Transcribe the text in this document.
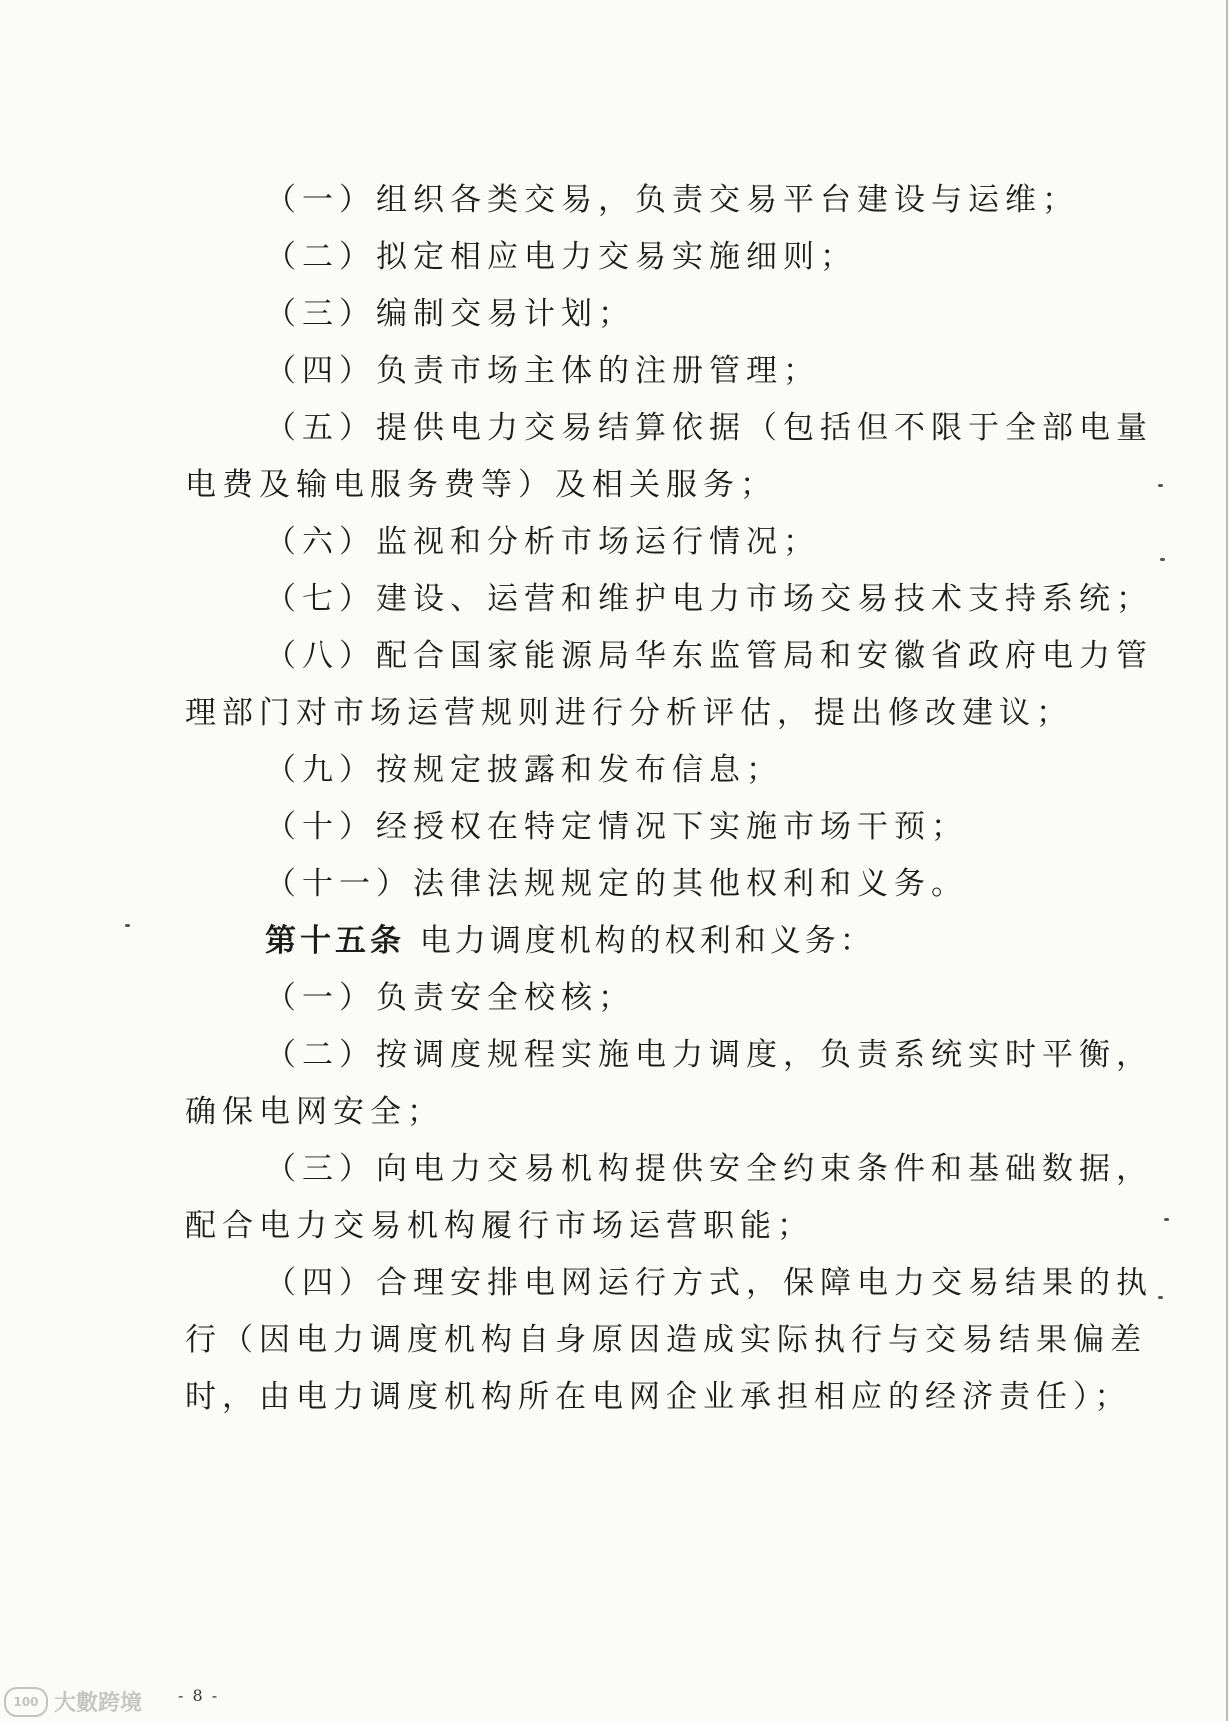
（一）组织各类交易，负责交易平台建设与运维；
（二）拟定相应电力交易实施细则；
（三）编制交易计划；
（四）负责市场主体的注册管理；
（五）提供电力交易结算依据（包括但不限于全部电量
电费及输电服务费等）及相关服务；
（六）监视和分析市场运行情况；
（七）建设、运营和维护电力市场交易技术支持系统；
（八）配合国家能源局华东监管局和安徽省政府电力管
理部门对市场运营规则进行分析评估，提出修改建议；
（九）按规定披露和发布信息；
（十）经授权在特定情况下实施市场干预；
（十一）法律法规规定的其他权利和义务。
第十五条 电力调度机构的权利和义务：
（一）负责安全校核；
（二）按调度规程实施电力调度，负责系统实时平衡，
确保电网安全；
（三）向电力交易机构提供安全约束条件和基础数据，
配合电力交易机构履行市场运营职能；
（四）合理安排电网运行方式，保障电力交易结果的执
行（因电力调度机构自身原因造成实际执行与交易结果偏差
时，由电力调度机构所在电网企业承担相应的经济责任）；
- 8 -
100 大數跨境
